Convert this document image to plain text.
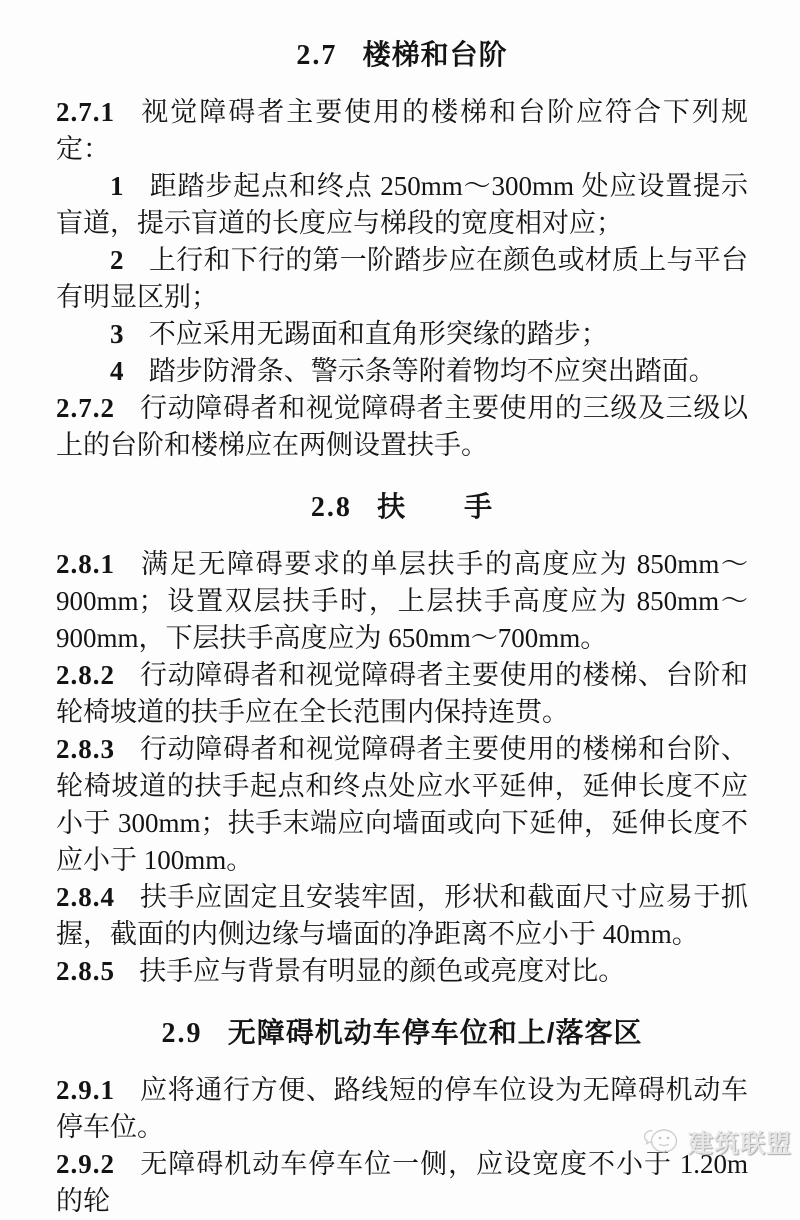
2.7 楼梯和台阶

2.7.1 视觉障碍者主要使用的楼梯和台阶应符合下列规定：

1 距踏步起点和终点 250mm～300mm 处应设置提示盲道，提示盲道的长度应与梯段的宽度相对应；

2 上行和下行的第一阶踏步应在颜色或材质上与平台有明显区别；

3 不应采用无踢面和直角形突缘的踏步；

4 踏步防滑条、警示条等附着物均不应突出踏面。

2.7.2 行动障碍者和视觉障碍者主要使用的三级及三级以上的台阶和楼梯应在两侧设置扶手。

2.8 扶　　手

2.8.1 满足无障碍要求的单层扶手的高度应为 850mm～900mm；设置双层扶手时，上层扶手高度应为 850mm～900mm，下层扶手高度应为 650mm～700mm。

2.8.2 行动障碍者和视觉障碍者主要使用的楼梯、台阶和轮椅坡道的扶手应在全长范围内保持连贯。

2.8.3 行动障碍者和视觉障碍者主要使用的楼梯和台阶、轮椅坡道的扶手起点和终点处应水平延伸，延伸长度不应小于 300mm；扶手末端应向墙面或向下延伸，延伸长度不应小于 100mm。

2.8.4 扶手应固定且安装牢固，形状和截面尺寸应易于抓握，截面的内侧边缘与墙面的净距离不应小于 40mm。

2.8.5 扶手应与背景有明显的颜色或亮度对比。

2.9 无障碍机动车停车位和上/落客区

2.9.1 应将通行方便、路线短的停车位设为无障碍机动车停车位。

2.9.2 无障碍机动车停车位一侧，应设宽度不小于 1.20m 的轮

建筑联盟
